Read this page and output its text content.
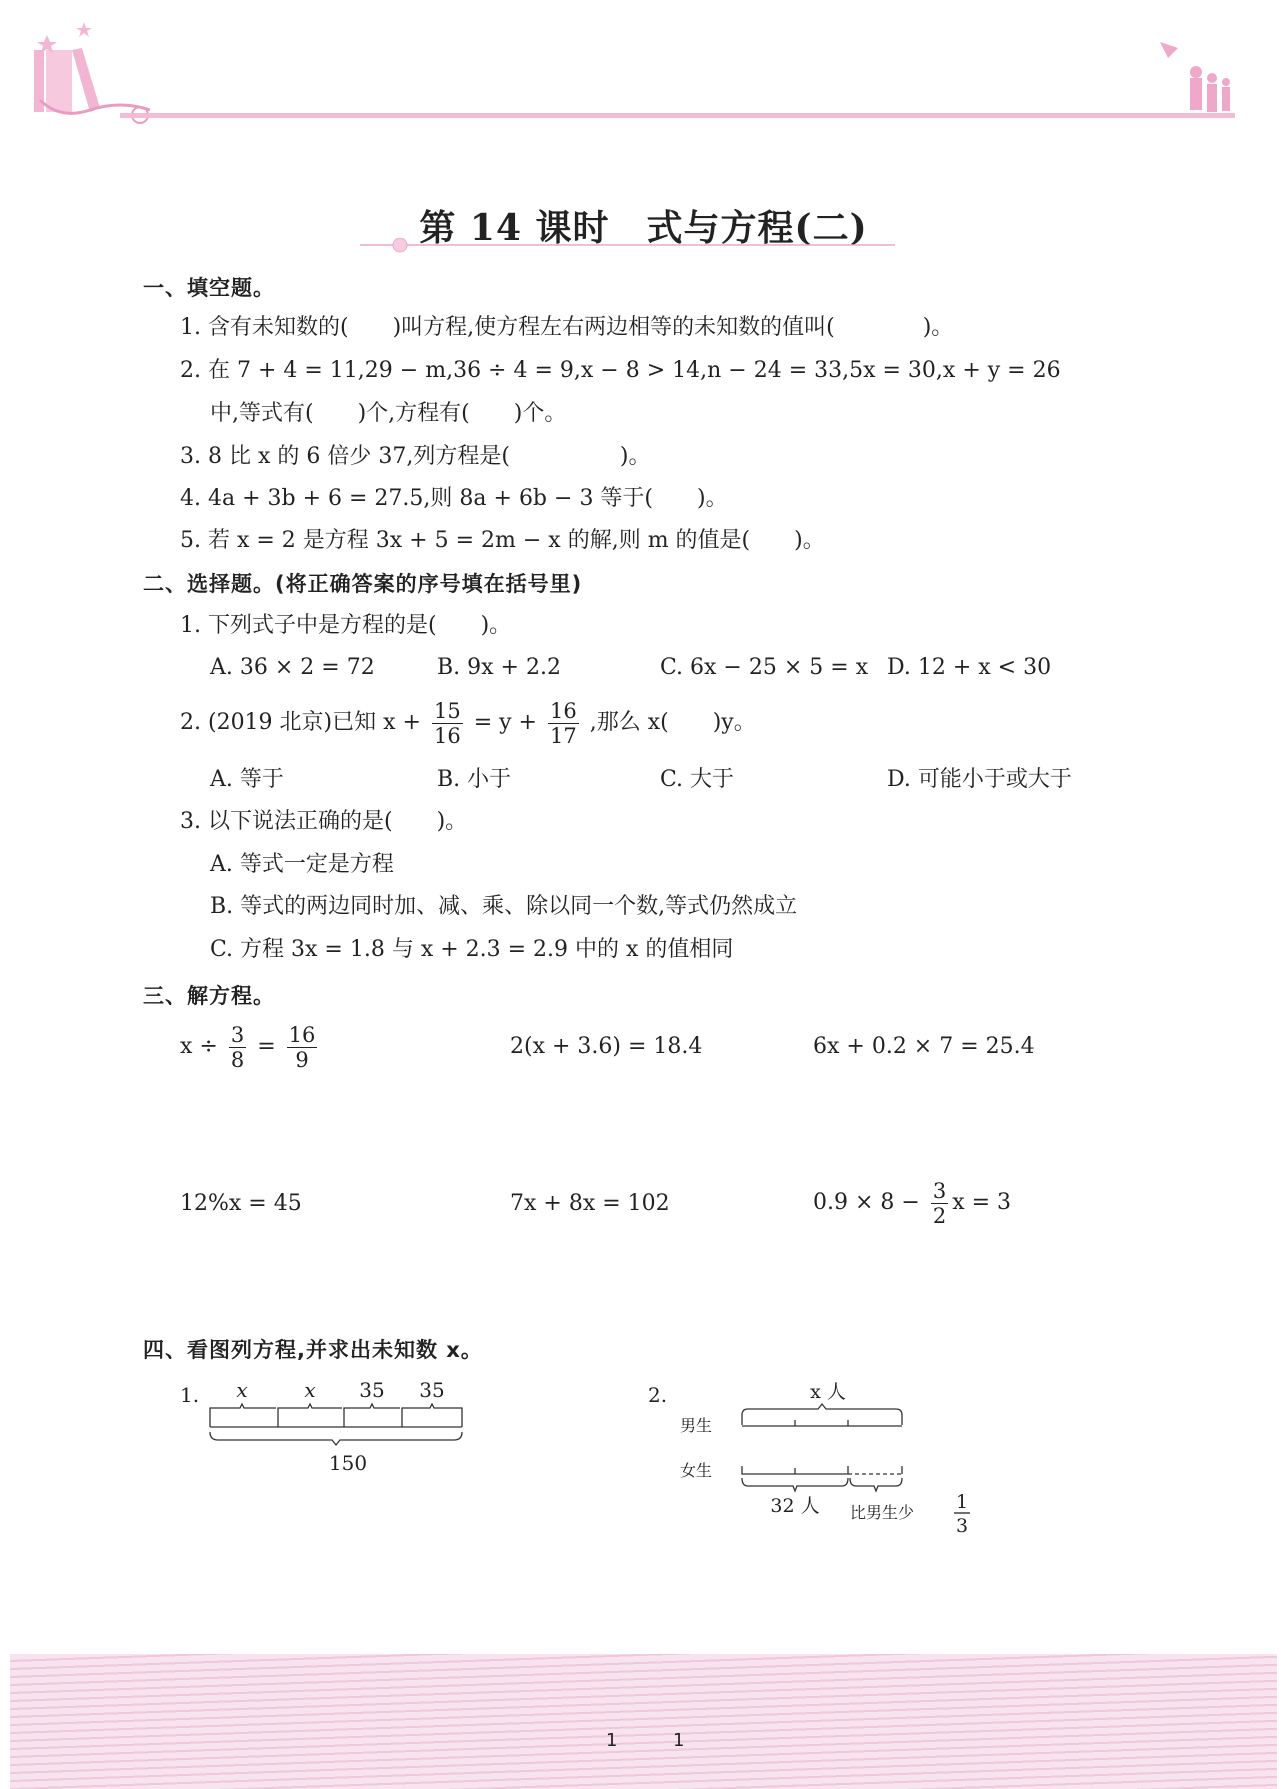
第 14 课时　式与方程(二)
一、填空题。
1. 含有未知数的(　　)叫方程,使方程左右两边相等的未知数的值叫(　　　　)。
2. 在 7 + 4 = 11,29 − m,36 ÷ 4 = 9,x − 8 > 14,n − 24 = 33,5x = 30,x + y = 26
中,等式有(　　)个,方程有(　　)个。
3. 8 比 x 的 6 倍少 37,列方程是(　　　　　)。
4. 4a + 3b + 6 = 27.5,则 8a + 6b − 3 等于(　　)。
5. 若 x = 2 是方程 3x + 5 = 2m − x 的解,则 m 的值是(　　)。
二、选择题。(将正确答案的序号填在括号里)
1. 下列式子中是方程的是(　　)。
A. 36 × 2 = 72	B. 9x + 2.2	C. 6x − 25 × 5 = x D. 12 + x < 30
2. (2019 北京)已知 $x + \frac{15}{16} = y + \frac{16}{17}$ ,那么 x(　　)y。
A. 等于	B. 小于	C. 大于	D. 可能小于或大于
3. 以下说法正确的是(　　)。
A. 等式一定是方程
B. 等式的两边同时加、减、乘、除以同一个数,等式仍然成立
C. 方程 3x = 1.8 与 x + 2.3 = 2.9 中的 x 的值相同
三、解方程。
$x \div \frac{3}{8} = \frac{16}{9}$	2(x + 3.6) = 18.4	6x + 0.2 × 7 = 25.4
12%x = 45	7x + 8x = 102	$0.9 \times 8 - \frac{3}{2}$ x = 3
四、看图列方程,并求出未知数 x。
1. x	x 35 35
150
2.	x 人
男生
女生
32 人 比男生少 1
3
1	1
